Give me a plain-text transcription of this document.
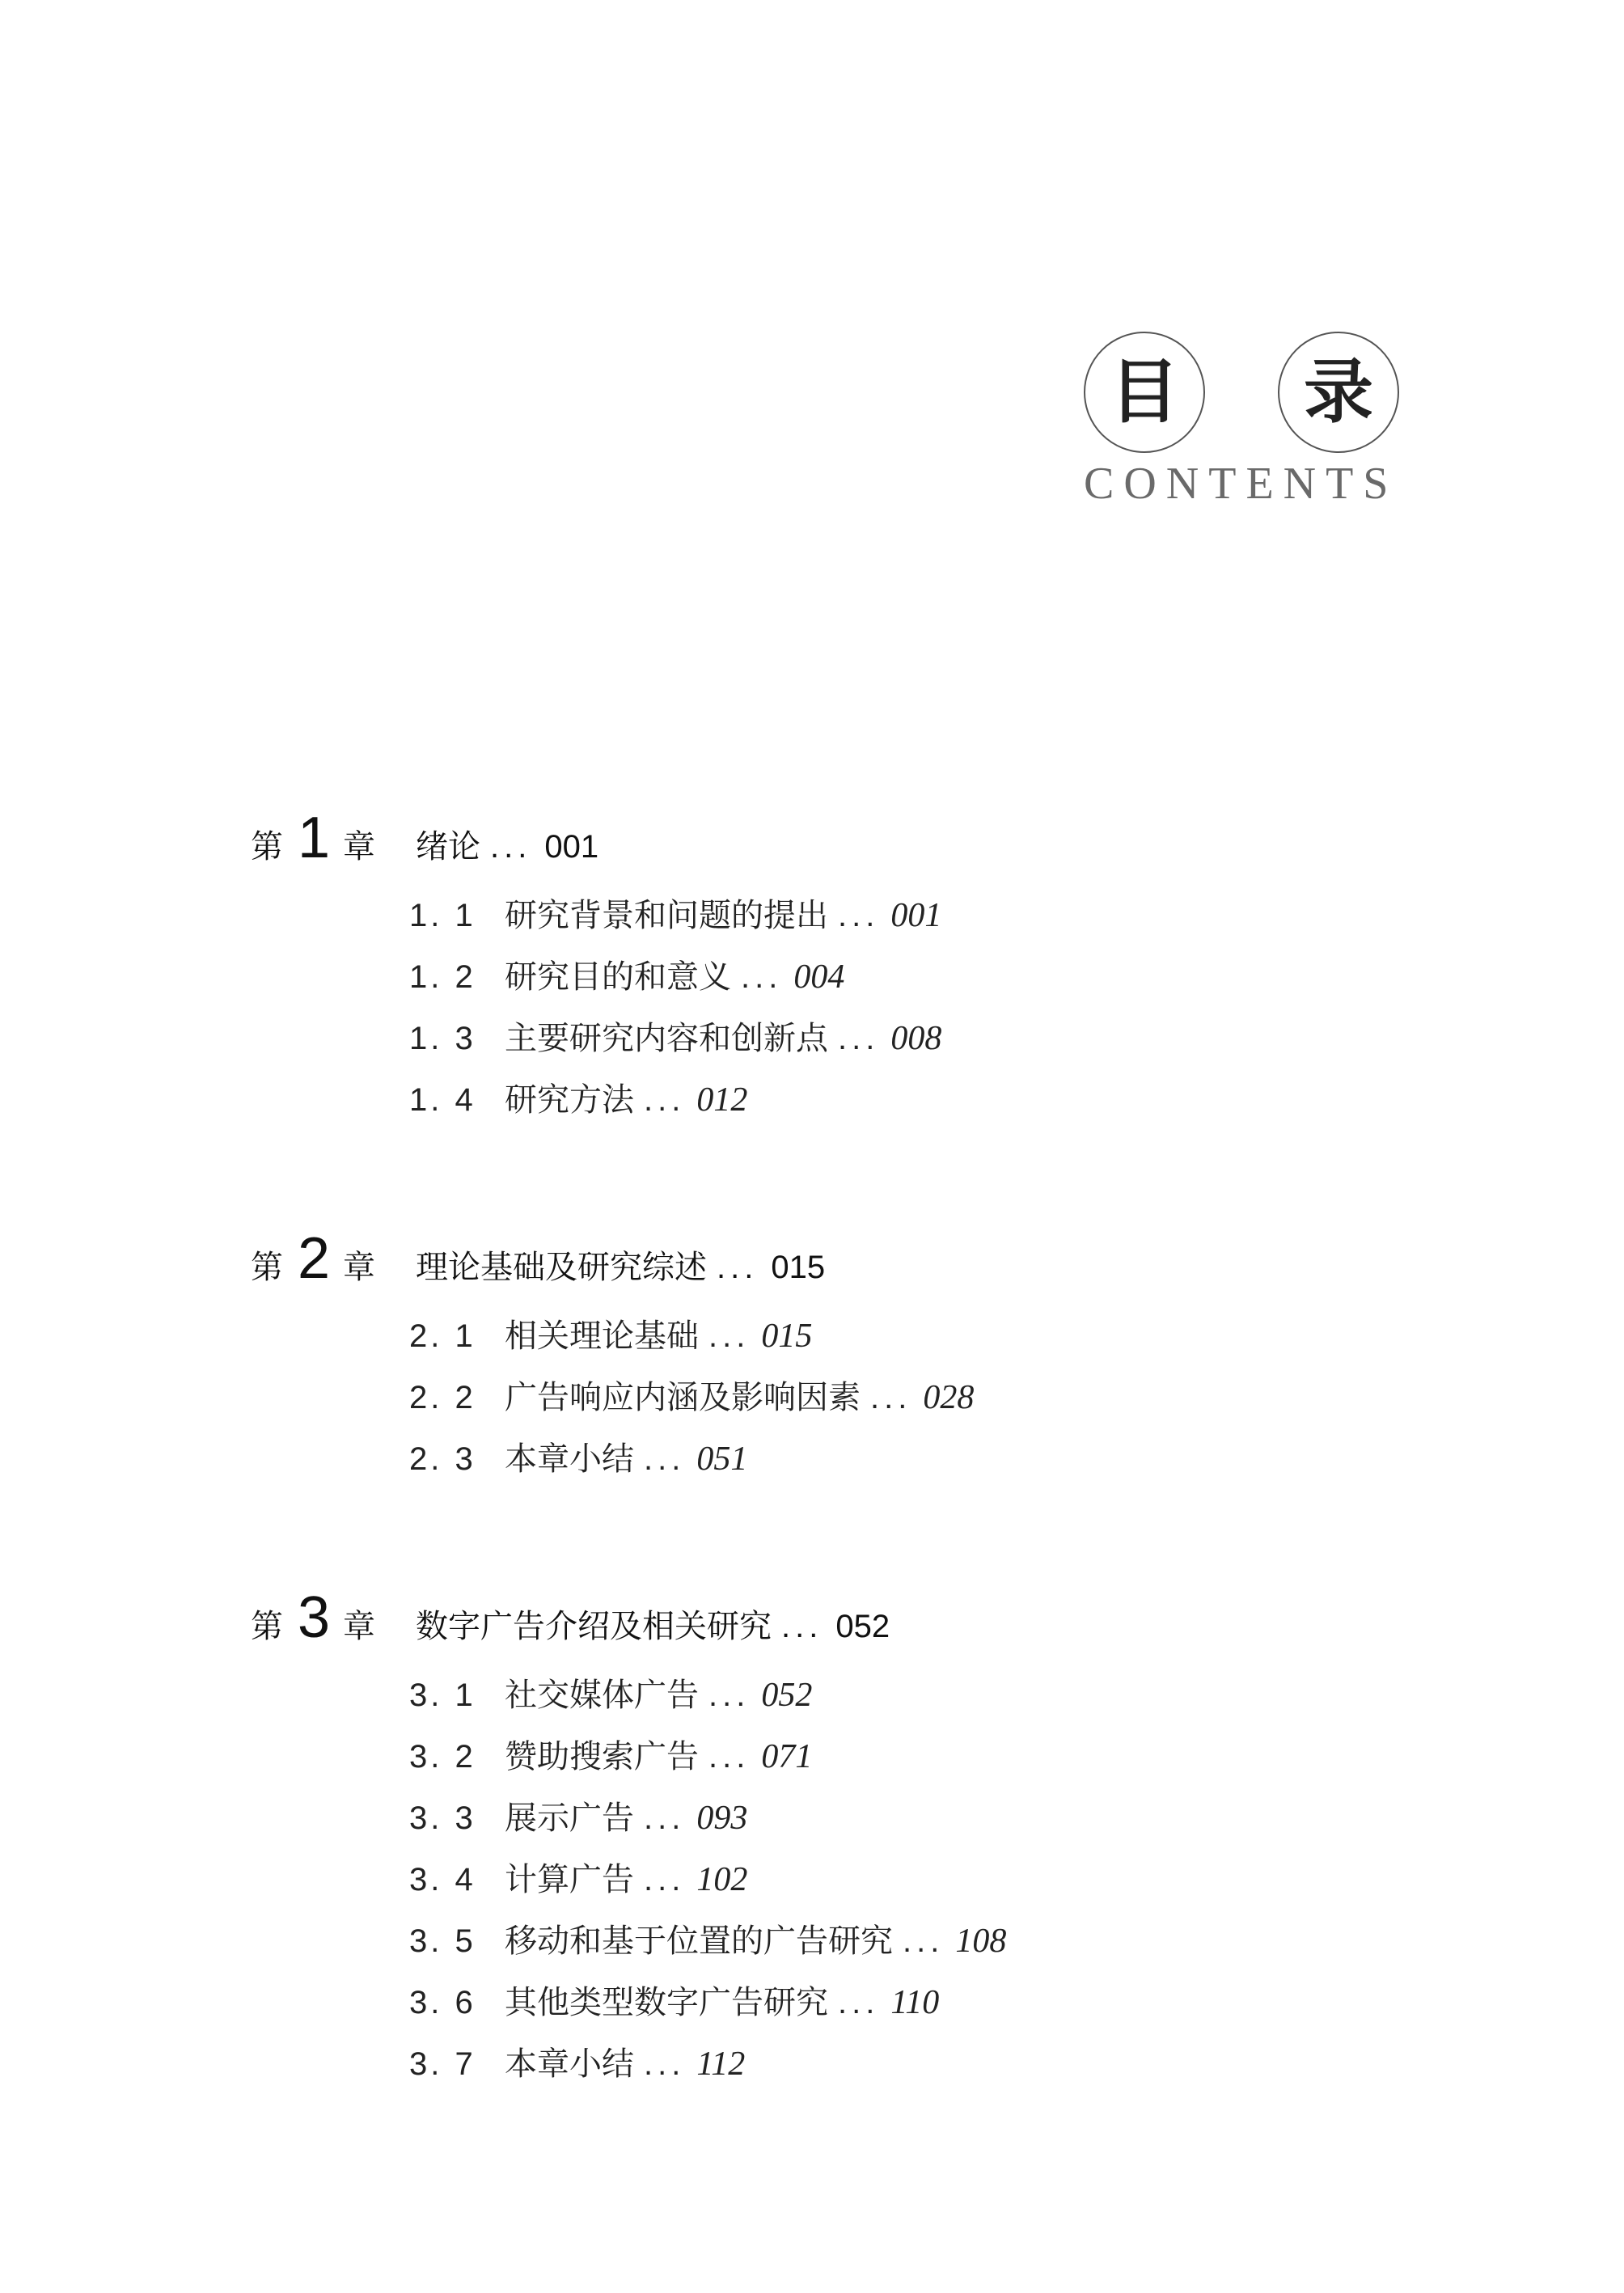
目	录
CONTENTS
第 1 章 绪论 ... 001
1. 1 研究背景和问题的提出 ... 001
1. 2 研究目的和意义 ... 004
1. 3 主要研究内容和创新点 ... 008
1. 4 研究方法 ... 012
第 2 章 理论基础及研究综述 ... 015
2. 1 相关理论基础 ... 015
2. 2 广告响应内涵及影响因素 ... 028
2. 3 本章小结 ... 051
第 3 章 数字广告介绍及相关研究 ... 052
3. 1 社交媒体广告 ... 052
3. 2 赞助搜索广告 ... 071
3. 3 展示广告 ... 093
3. 4 计算广告 ... 102
3. 5 移动和基于位置的广告研究 ... 108
3. 6 其他类型数字广告研究 ... 110
3. 7 本章小结 ... 112
